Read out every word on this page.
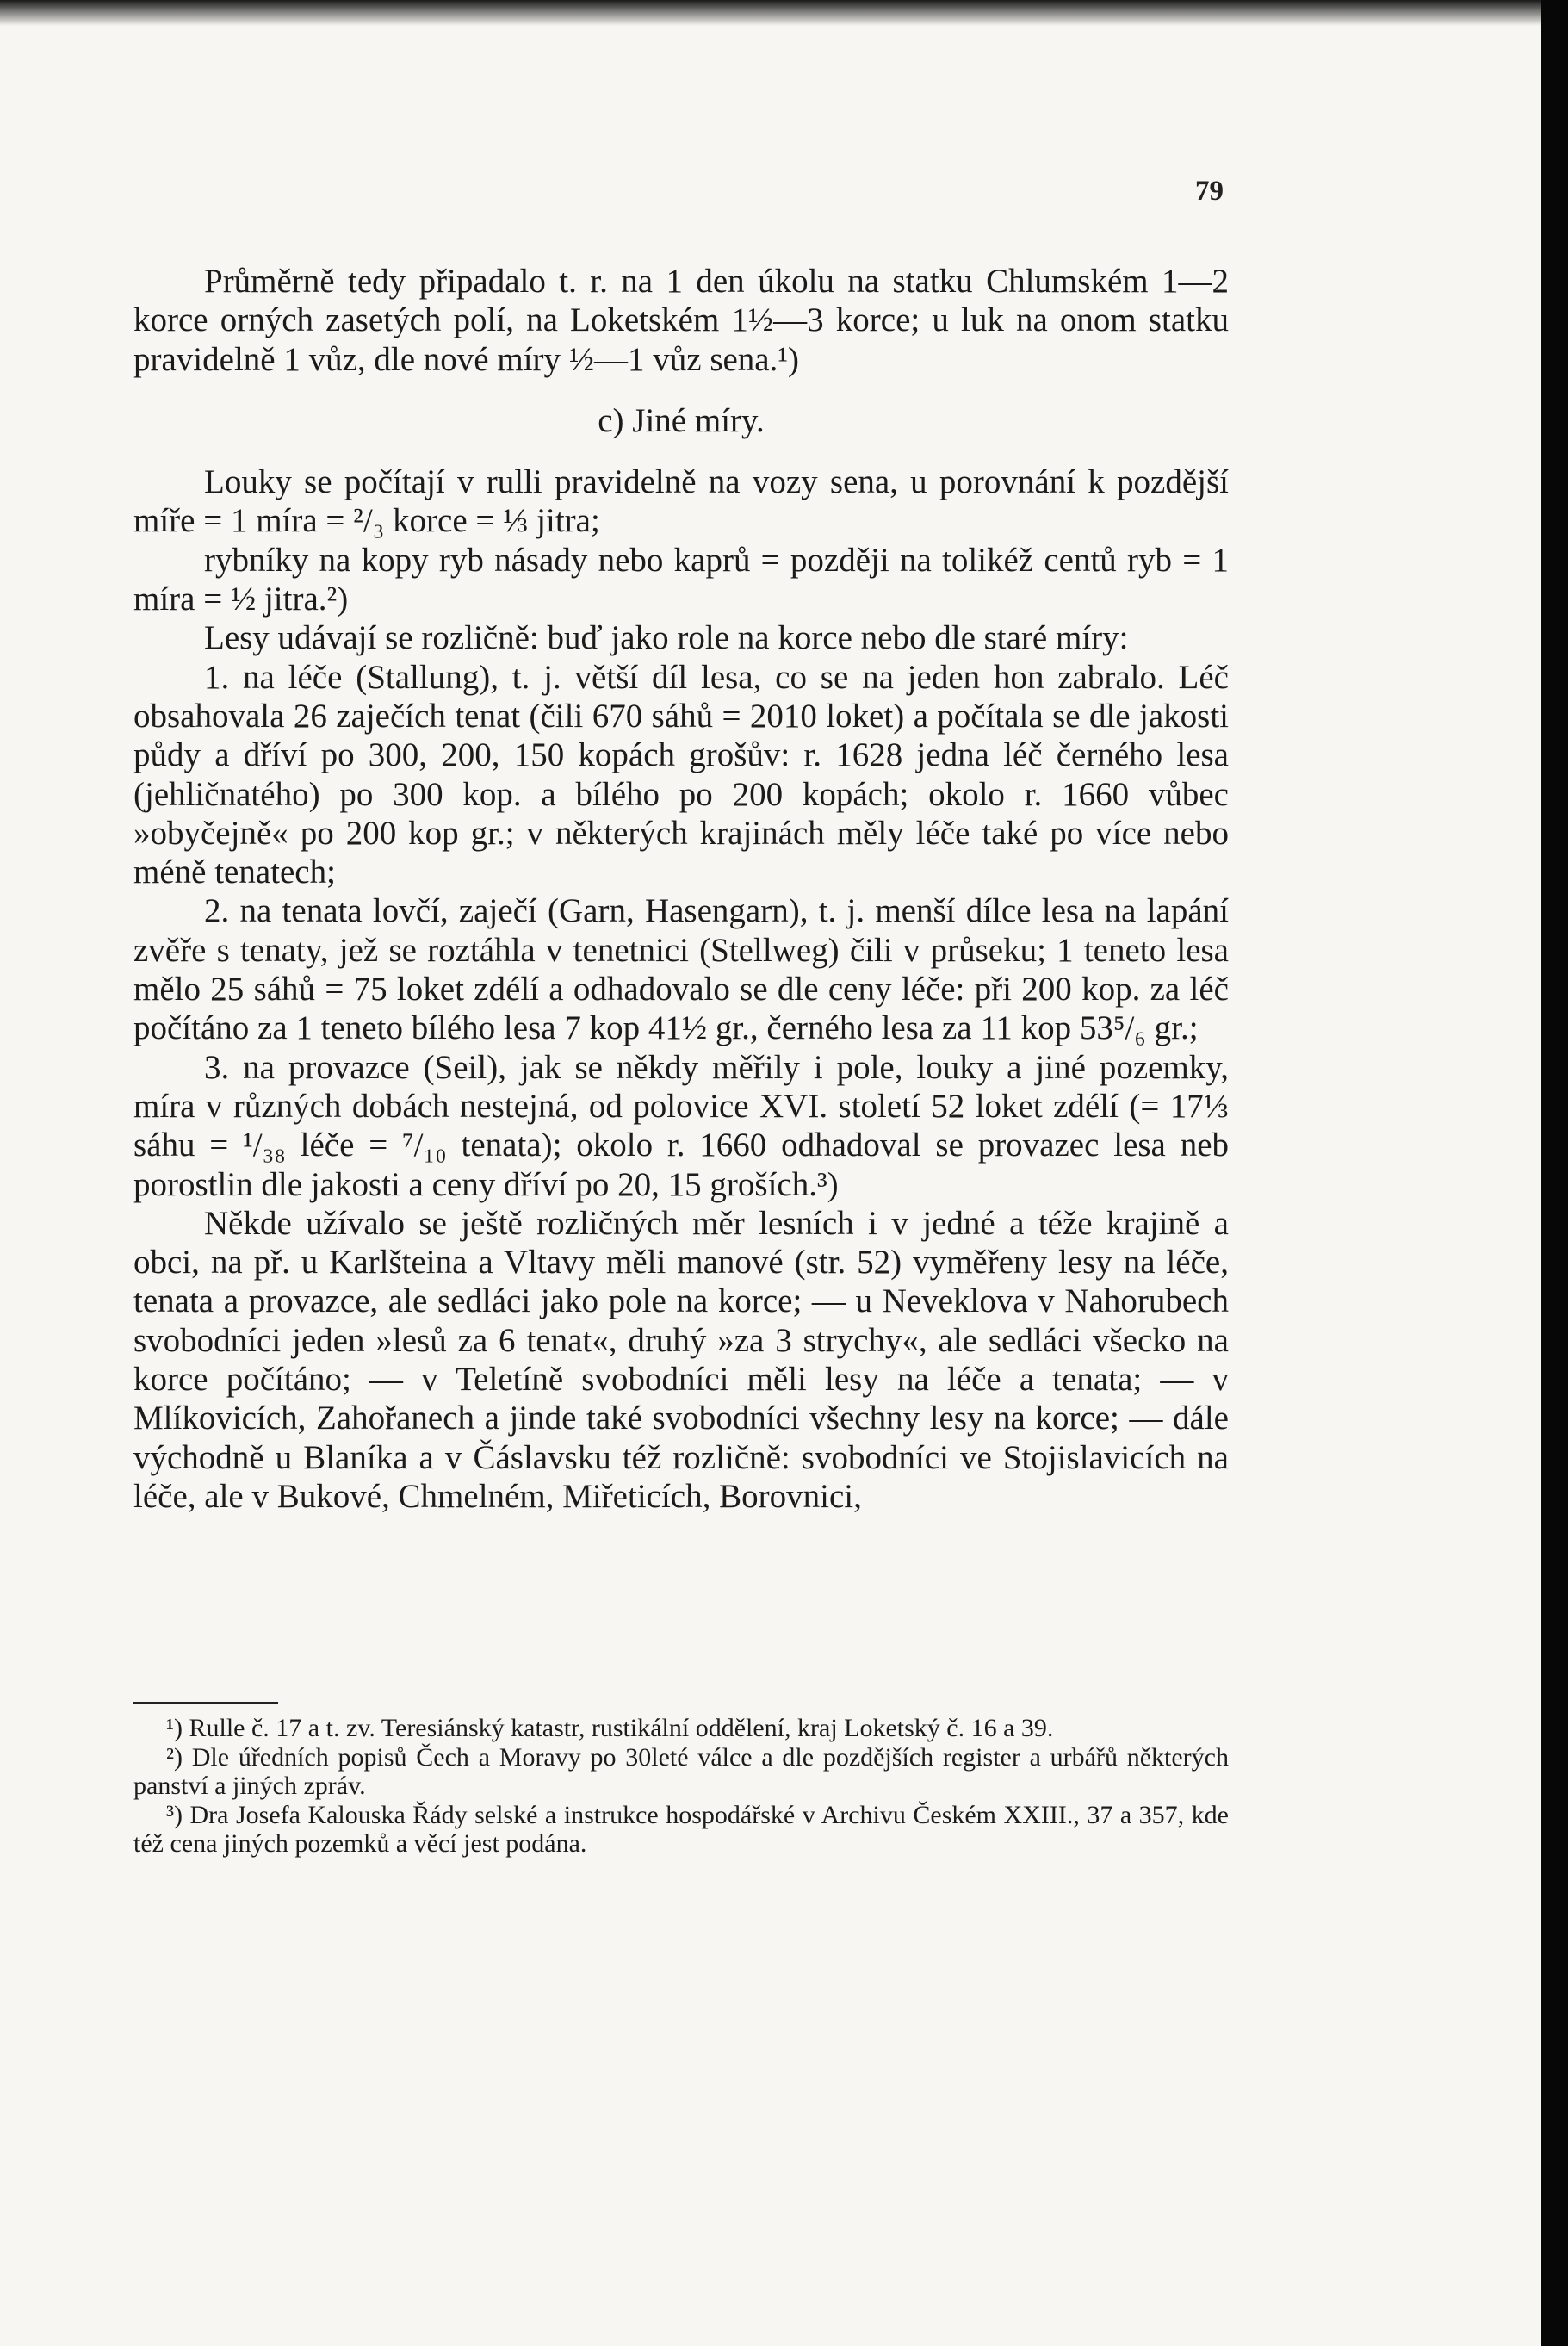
79

Průměrně tedy připadalo t. r. na 1 den úkolu na statku Chlumském 1—2 korce orných zasetých polí, na Loketském 1½—3 korce; u luk na onom statku pravidelně 1 vůz, dle nové míry ½—1 vůz sena.¹)

c) Jiné míry.

Louky se počítají v rulli pravidelně na vozy sena, u porovnání k pozdější míře = 1 míra = ²/₃ korce = ⅓ jitra;

rybníky na kopy ryb násady nebo kaprů = později na tolikéž centů ryb = 1 míra = ½ jitra.²)

Lesy udávají se rozličně: buď jako role na korce nebo dle staré míry:

1. na léče (Stallung), t. j. větší díl lesa, co se na jeden hon zabralo. Léč obsahovala 26 zaječích tenat (čili 670 sáhů = 2010 loket) a počítala se dle jakosti půdy a dříví po 300, 200, 150 kopách grošův: r. 1628 jedna léč černého lesa (jehličnatého) po 300 kop. a bílého po 200 kopách; okolo r. 1660 vůbec »obyčejně« po 200 kop gr.; v některých krajinách měly léče také po více nebo méně tenatech;

2. na tenata lovčí, zaječí (Garn, Hasengarn), t. j. menší dílce lesa na lapání zvěře s tenaty, jež se roztáhla v tenetnici (Stellweg) čili v průseku; 1 teneto lesa mělo 25 sáhů = 75 loket zdélí a odhadovalo se dle ceny léče: při 200 kop. za léč počítáno za 1 teneto bílého lesa 7 kop 41½ gr., černého lesa za 11 kop 53⁵/₆ gr.;

3. na provazce (Seil), jak se někdy měřily i pole, louky a jiné pozemky, míra v různých dobách nestejná, od polovice XVI. století 52 loket zdélí (= 17⅓ sáhu = ¹/₃₈ léče = ⁷/₁₀ tenata); okolo r. 1660 odhadoval se provazec lesa neb porostlin dle jakosti a ceny dříví po 20, 15 groších.³)

Někde užívalo se ještě rozličných měr lesních i v jedné a téže krajině a obci, na př. u Karlšteina a Vltavy měli manové (str. 52) vyměřeny lesy na léče, tenata a provazce, ale sedláci jako pole na korce; — u Neveklova v Nahorubech svobodníci jeden »lesů za 6 tenat«, druhý »za 3 strychy«, ale sedláci všecko na korce počítáno; — v Teletíně svobodníci měli lesy na léče a tenata; — v Mlíkovicích, Zahořanech a jinde také svobodníci všechny lesy na korce; — dále východně u Blaníka a v Čáslavsku též rozličně: svobodníci ve Stojislavicích na léče, ale v Bukové, Chmelném, Miřeticích, Borovnici,

¹) Rulle č. 17 a t. zv. Teresiánský katastr, rustikální oddělení, kraj Loketský č. 16 a 39.

²) Dle úředních popisů Čech a Moravy po 30leté válce a dle pozdějších register a urbářů některých panství a jiných zpráv.

³) Dra Josefa Kalouska Řády selské a instrukce hospodářské v Archivu Českém XXIII., 37 a 357, kde též cena jiných pozemků a věcí jest podána.
